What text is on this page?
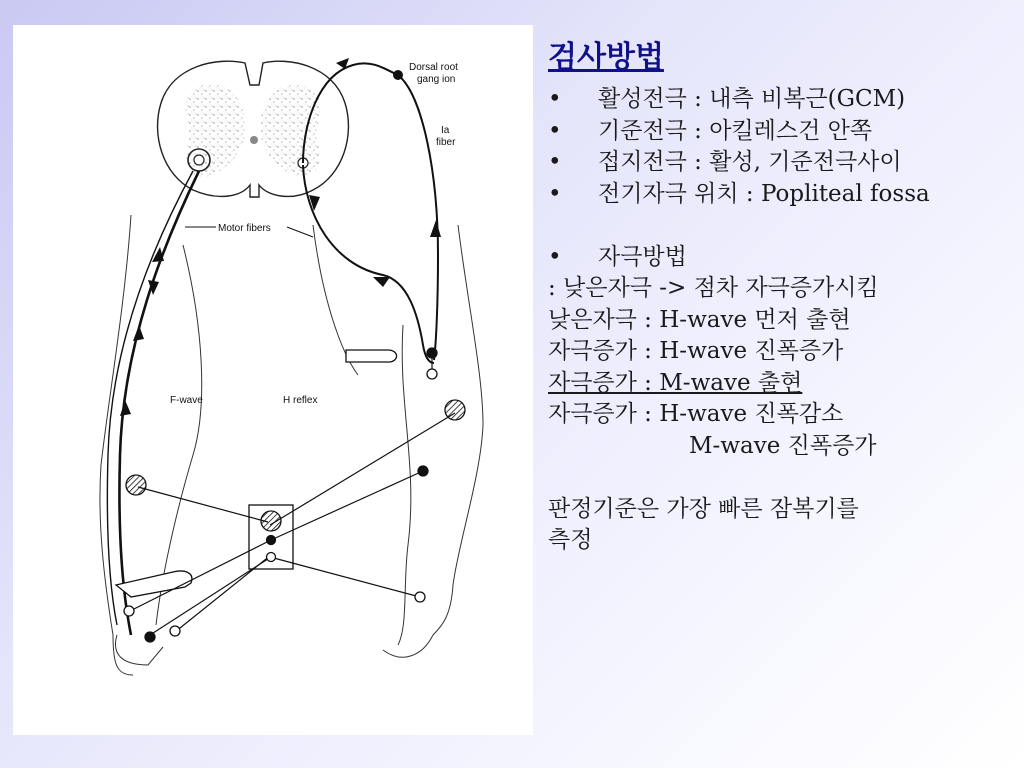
Dorsal root
gang ion
Ia
fiber
Motor fibers
F-wave	H reflex
검사방법
•	활성전극 : 내측 비복근(GCM)
•	기준전극 : 아킬레스건 안쪽
•	접지전극 : 활성, 기준전극사이
•	전기자극 위치 : Popliteal fossa
•	자극방법
: 낮은자극 -> 점차 자극증가시킴
낮은자극 : H-wave 먼저 출현
자극증가 : H-wave 진폭증가
자극증가 : M-wave 출현
자극증가 : H-wave 진폭감소
M-wave 진폭증가
판정기준은 가장 빠른 잠복기를
측정
